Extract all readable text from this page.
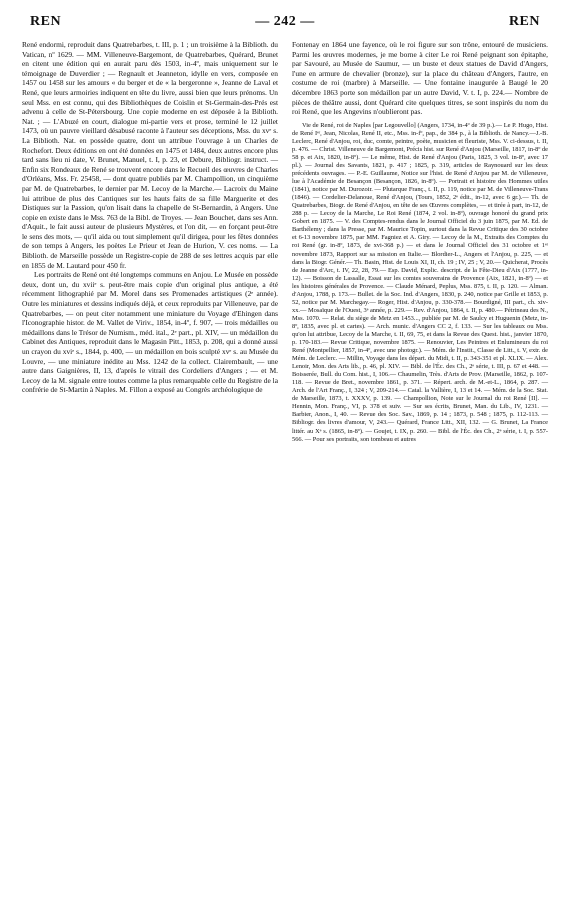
REN	— 242 —	REN

René endormi, reproduit dans Quatrebarbes, t. III, p. 1 ; un troisième à la Biblioth. du Vatican, nº 1629. — MM. Villeneuve-Bargemont, de Quatrebarbes, Quérard, Brunet en citent une édition qui en aurait paru dès 1503, in-4º, mais uniquement sur le témoignage de Duverdier ; — Regnault et Jeanneton, idylle en vers, composée en 1457 ou 1458 sur les amours « du berger et de « la bergeronne », Jeanne de Laval et René, que leurs armoiries indiquent en tête du livre, aussi bien que leurs prénoms. Un seul Mss. en est connu, qui des Bibliothèques de Coislin et St-Germain-des-Prés est advenu à celle de St-Pétersbourg. Une copie moderne en est déposée à la Biblioth. Nat. ; — L'Abuzé en court, dialogue mi-partie vers et prose, terminé le 12 juillet 1473, où un pauvre vieillard désabusé raconte à l'auteur ses déceptions, Mss. du xvᵉ s. La Biblioth. Nat. en possède quatre, dont un attribue l'ouvrage à un Charles de Rochefort. Deux éditions en ont été données en 1475 et 1484, deux autres encore plus tard sans lieu ni date, V. Brunet, Manuel, t. I, p. 23, et Debure, Bibliogr. instruct. — Enfin six Rondeaux de René se trouvent encore dans le Recueil des œuvres de Charles d'Orléans, Mss. Fr. 25458, — dont quatre publiés par M. Champollion, un cinquième par M. de Quatrebarbes, le dernier par M. Lecoy de la Marche.— Lacroix du Maine lui attribue de plus des Cantiques sur les hauts faits de sa fille Marguerite et des Distiques sur la Passion, qu'on lisait dans la chapelle de St-Bernardin, à Angers. Une copie en existe dans le Mss. 763 de la Bibl. de Troyes. — Jean Bouchet, dans ses Ann. d'Aquit., le fait aussi auteur de plusieurs Mystères, et l'on dit, — en forçant peut-être le sens des mots, — qu'il aida ou tout simplement qu'il dirigea, pour les fêtes données de son temps à Angers, les poètes Le Prieur et Jean de Hurion, V. ces noms. — La Biblioth. de Marseille possède un Registre-copie de 288 de ses lettres acquis par elle en 1855 de M. Lautard pour 450 fr.

Les portraits de René ont été longtemps communs en Anjou. Le Musée en possède deux, dont un, du xviiᵉ s. peut-être mais copie d'un original plus antique, a été récemment lithographié par M. Morel dans ses Promenades artistiques (2ᵉ année). Outre les miniatures et dessins indiqués déjà, et ceux reproduits par Villeneuve, par de Quatrebarbes, — on peut citer notamment une miniature du Voyage d'Ehingen dans l'Iconographie histor. de M. Vallet de Viriv., 1854, in-4º, f. 907, — trois médailles ou médaillons dans le Trésor de Numism., méd. ital., 2ᵉ part., pl. XIV, — un médaillon du Cabinet des Antiques, reproduit dans le Magasin Pitt., 1853, p. 208, qui a donné aussi un crayon du xviᵉ s., 1844, p. 400, — un médaillon en bois sculpté xvᵉ s. au Musée du Louvre, — une miniature inédite au Mss. 1242 de la collect. Clairembault, — une autre dans Gaignières, II, 13, d'après le vitrail des Cordeliers d'Angers ; — et M. Lecoy de la M. signale entre toutes comme la plus remarquable celle du Registre de la confrérie de St-Martin à Naples. M. Fillon a exposé au Congrès archéologique de

Fontenay en 1864 une fayence, où le roi figure sur son trône, entouré de musiciens. Parmi les œuvres modernes, je me borne à citer Le roi René peignant son épitaphe, par Savouré, au Musée de Saumur, — un buste et deux statues de David d'Angers, l'une en armure de chevalier (bronze), sur la place du château d'Angers, l'autre, en costume de roi (marbre) à Marseille. — Une fontaine inaugurée à Baugé le 20 décembre 1863 porte son médaillon par un autre David, V. t. I, p. 224.— Nombre de pièces de théâtre aussi, dont Quérard cite quelques titres, se sont inspirés du nom du roi René, que les Angevins n'oublieront pas.

Vie de René, roi de Naples [par Legouvello] (Angers, 1734, in-4º de 39 p.).— Le P. Hugo, Hist. de René Iᵉʳ, Jean, Nicolas, René II, etc., Mss. in-fº, pap., de 384 p., à la Biblioth. de Nancy.—J.-B. Leclerc, René d'Anjou, roi, duc, comte, peintre, poète, musicien et fleuriste, Mss. V. ci-dessus, t. II, p. 476. — Christ. Villeneuve de Bargemont, Précis hist. sur René d'Anjou (Marseille, 1817, in-8º de 58 p. et Aix, 1820, in-8º). — Le même, Hist. de René d'Anjou (Paris, 1825, 3 vol. in-8º, avec 17 pl.). — Journal des Savants, 1821, p. 417 ; 1825, p. 319, articles de Raynouard sur les deux précédents ouvrages. — P.-E. Guillaume, Notice sur l'hist. de René d'Anjou par M. de Villeneuve, lue à l'Académie de Besançon (Besançon, 1826, in-8º). — Portrait et histoire des Hommes utiles (1841), notice par M. Durozoir. — Plutarque Franç., t. II, p. 119, notice par M. de Villeneuve-Trans (1846). — Cordelier-Delanoue, René d'Anjou, (Tours, 1852, 2ᵉ édit., in-12, avec 6 gr.).— Th. de Quatrebarbes, Biogr. de René d'Anjou, en tête de ses Œuvres complètes, — et tirée à part, in-12, de 288 p. — Lecoy de la Marche, Le Roi René (1874, 2 vol. in-8º), ouvrage honoré du grand prix Gobert en 1875. — V. des Comptes-rendus dans le Journal Officiel du 3 juin 1875, par M. Ed. de Barthélemy ; dans la Presse, par M. Maurice Topin, surtout dans la Revue Critique des 30 octobre et 6-13 novembre 1875, par MM. Fagniez et A. Giry. — Lecoy de la M., Extraits des Comptes du roi René (gr. in-8º, 1873, de xvi-368 p.) — et dans le Journal Officiel des 31 octobre et 1ᵉʳ novembre 1873, Rapport sur sa mission en Italie.— Blordier-L., Angers et l'Anjou, p. 225, — et dans la Biogr. Génér.— Th. Basin, Hist. de Louis XI, II, ch. 19 ; IV, 25 ; V, 20.— Quicherat, Procès de Jeanne d'Arc, t. IV, 22, 28, 79.— Esp. David, Explic. descript. de la Fête-Dieu d'Aix (1777, in-12). — Boisson de Lassalle, Essai sur les comtes souverains de Provence (Aix, 1821, in-8º) — et les histoires générales de Provence. — Claude Ménard, Peplus, Mss. 875, t. II, p. 120. — Alman. d'Anjou, 1788, p. 173.— Bullet. de la Soc. Ind. d'Angers, 1830, p. 240, notice par Grille et 1853, p. 52, notice par M. Marchegay.— Roger, Hist. d'Anjou, p. 330-378.— Bourdigné, III part., ch. xiv-xx.— Mosaïque de l'Ouest, 3ᵉ année, p. 229.— Rev. d'Anjou, 1864, t. II, p. 480.— Pétrineau des N., Mss. 1070. — Relat. du siège de Metz en 1453..., publiée par M. de Saulcy et Huguenin (Metz, in-8º, 1835, avec pl. et cartes). — Arch. munic. d'Angers CC 2, f. 133. — Sur les tableaux ou Mss. qu'on lui attribue, Lecoy de la Marche, t. II, 69, 75, et dans la Revue des Quest. hist., janvier 1870, p. 170-183.— Revue Critique, novembre 1875. — Renouvier, Les Peintres et Enlumineurs du roi René (Montpellier, 1857, in-4º, avec une photogr.). — Mém. de l'Instit., Classe de Litt., t. V, extr. de Mém. de Leclerc. — Millin, Voyage dans les départ. du Midi, t. II, p. 343-351 et pl. XLIX. — Alex. Lenoir, Mon. des Arts lib., p. 46, pl. XIV. — Bibl. de l'Éc. des Ch., 2ᵉ série, t. III, p. 67 et 448. — Boisserée, Bull. du Com. hist., I, 106.— Chaumelin, Très. d'Arts de Prov. (Marseille, 1862, p. 107-118. — Revue de Bret., novembre 1861, p. 371. — Répert. arch. de M.-et-L., 1864, p. 287. — Arch. de l'Art Franç., I, 324 ; V, 209-214.— Catal. la Vallière, I, 13 et 14. — Mém. de la Soc. Stat. de Marseille, 1873, t. XXXV, p. 139. — Champollion, Note sur le Journal du roi René [II]. — Hennin, Mon. Franç., VI, p. 378 et suiv. — Sur ses écrits, Brunet, Man. du Lib., IV, 1231. — Barbier, Anon., I, 40. — Revue des Soc. Sav., 1869, p. 14 ; 1873, p. 548 ; 1875, p. 112-113. — Bibliogr. des livres d'amour, V, 243.— Quérard, France Litt., XII, 132. — G. Brunet, La France littér. au Xᵉ s. (1865, in-8º). — Goujet, t. IX, p. 260. — Bibl. de l'Éc. des Ch., 2ᵉ série, t. I, p. 557-566. — Pour ses portraits, son tombeau et autres
